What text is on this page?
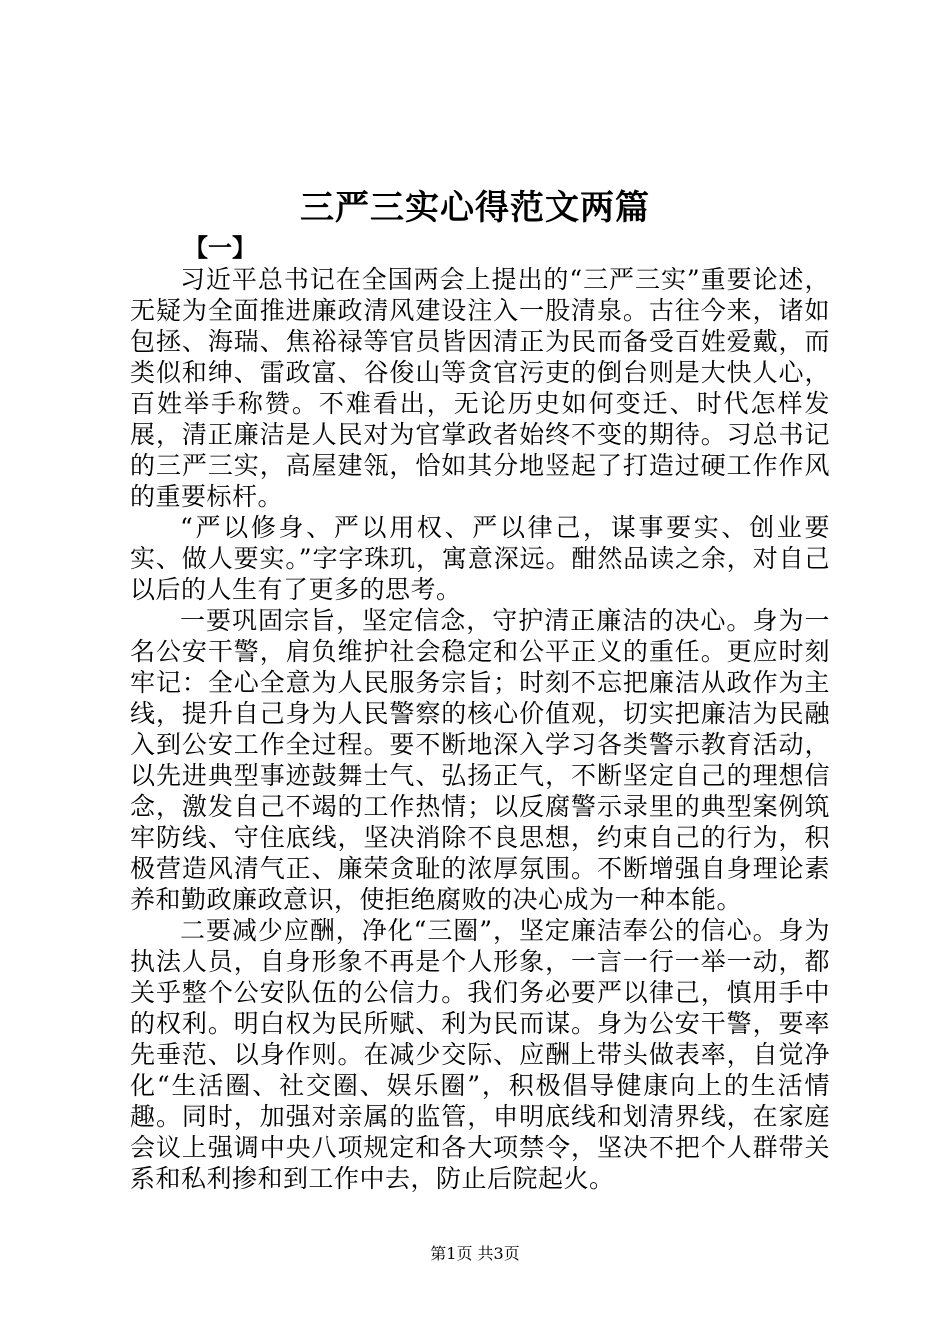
三严三实心得范文两篇
【一】

习近平总书记在全国两会上提出的“三严三实”重要论述，无疑为全面推进廉政清风建设注入一股清泉。古往今来，诸如包拯、海瑞、焦裕禄等官员皆因清正为民而备受百姓爱戴，而类似和绅、雷政富、谷俊山等贪官污吏的倒台则是大快人心，百姓举手称赞。不难看出，无论历史如何变迁、时代怎样发展，清正廉洁是人民对为官掌政者始终不变的期待。习总书记的三严三实，高屋建瓴，恰如其分地竖起了打造过硬工作作风的重要标杆。

“严以修身、严以用权、严以律己，谋事要实、创业要实、做人要实。”字字珠玑，寓意深远。酣然品读之余，对自己以后的人生有了更多的思考。

一要巩固宗旨，坚定信念，守护清正廉洁的决心。身为一名公安干警，肩负维护社会稳定和公平正义的重任。更应时刻牢记：全心全意为人民服务宗旨；时刻不忘把廉洁从政作为主线，提升自己身为人民警察的核心价值观，切实把廉洁为民融入到公安工作全过程。要不断地深入学习各类警示教育活动，以先进典型事迹鼓舞士气、弘扬正气，不断坚定自己的理想信念，激发自己不竭的工作热情；以反腐警示录里的典型案例筑牢防线、守住底线，坚决消除不良思想，约束自己的行为，积极营造风清气正、廉荣贪耻的浓厚氛围。不断增强自身理论素养和勤政廉政意识，使拒绝腐败的决心成为一种本能。

二要减少应酬，净化“三圈”，坚定廉洁奉公的信心。身为执法人员，自身形象不再是个人形象，一言一行一举一动，都关乎整个公安队伍的公信力。我们务必要严以律己，慎用手中的权利。明白权为民所赋、利为民而谋。身为公安干警，要率先垂范、以身作则。在减少交际、应酬上带头做表率，自觉净化“生活圈、社交圈、娱乐圈”，积极倡导健康向上的生活情趣。同时，加强对亲属的监管，申明底线和划清界线，在家庭会议上强调中央八项规定和各大项禁令，坚决不把个人群带关系和私利掺和到工作中去，防止后院起火。

第1页 共3页
